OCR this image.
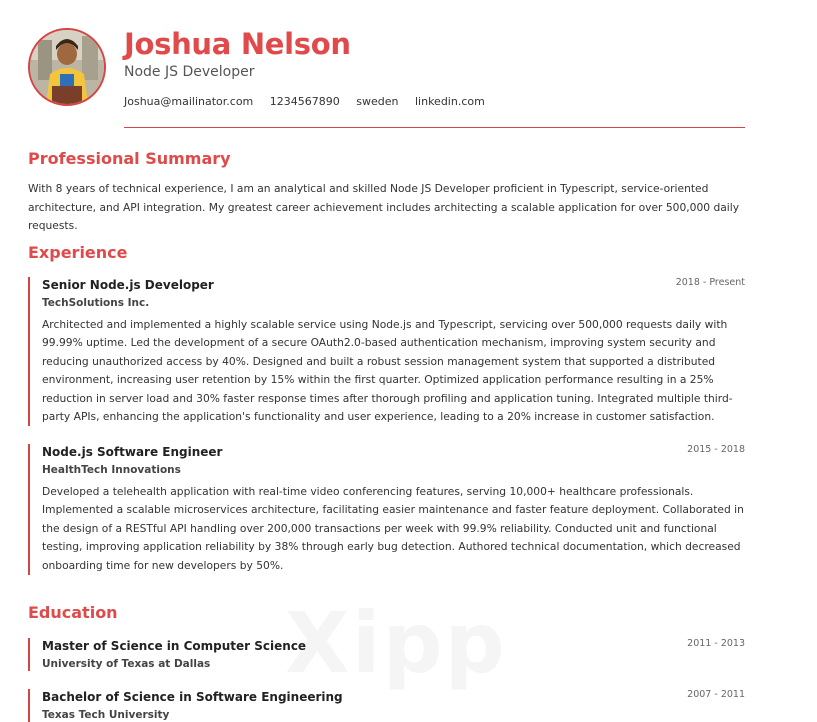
Joshua Nelson
Node JS Developer
Joshua@mailinator.com 1234567890 sweden linkedin.com
Professional Summary

With 8 years of technical experience, I am an analytical and skilled Node JS Developer proficient in Typescript, service-oriented architecture, and API integration. My greatest career achievement includes architecting a scalable application for over 500,000 daily requests.

Experience
Senior Node.js Developer
TechSolutions Inc.
2018 - Present

Architected and implemented a highly scalable service using Node.js and Typescript, servicing over 500,000 requests daily with 99.99% uptime. Led the development of a secure OAuth2.0-based authentication mechanism, improving system security and reducing unauthorized access by 40%. Designed and built a robust session management system that supported a distributed environment, increasing user retention by 15% within the first quarter. Optimized application performance resulting in a 25% reduction in server load and 30% faster response times after thorough profiling and application tuning. Integrated multiple third-party APIs, enhancing the application's functionality and user experience, leading to a 20% increase in customer satisfaction.

Node.js Software Engineer
HealthTech Innovations
2015 - 2018

Developed a telehealth application with real-time video conferencing features, serving 10,000+ healthcare professionals. Implemented a scalable microservices architecture, facilitating easier maintenance and faster feature deployment. Collaborated in the design of a RESTful API handling over 200,000 transactions per week with 99.9% reliability. Conducted unit and functional testing, improving application reliability by 38% through early bug detection. Authored technical documentation, which decreased onboarding time for new developers by 50%.

Education
Master of Science in Computer Science
University of Texas at Dallas
2011 - 2013
Bachelor of Science in Software Engineering
Texas Tech University
2007 - 2011
